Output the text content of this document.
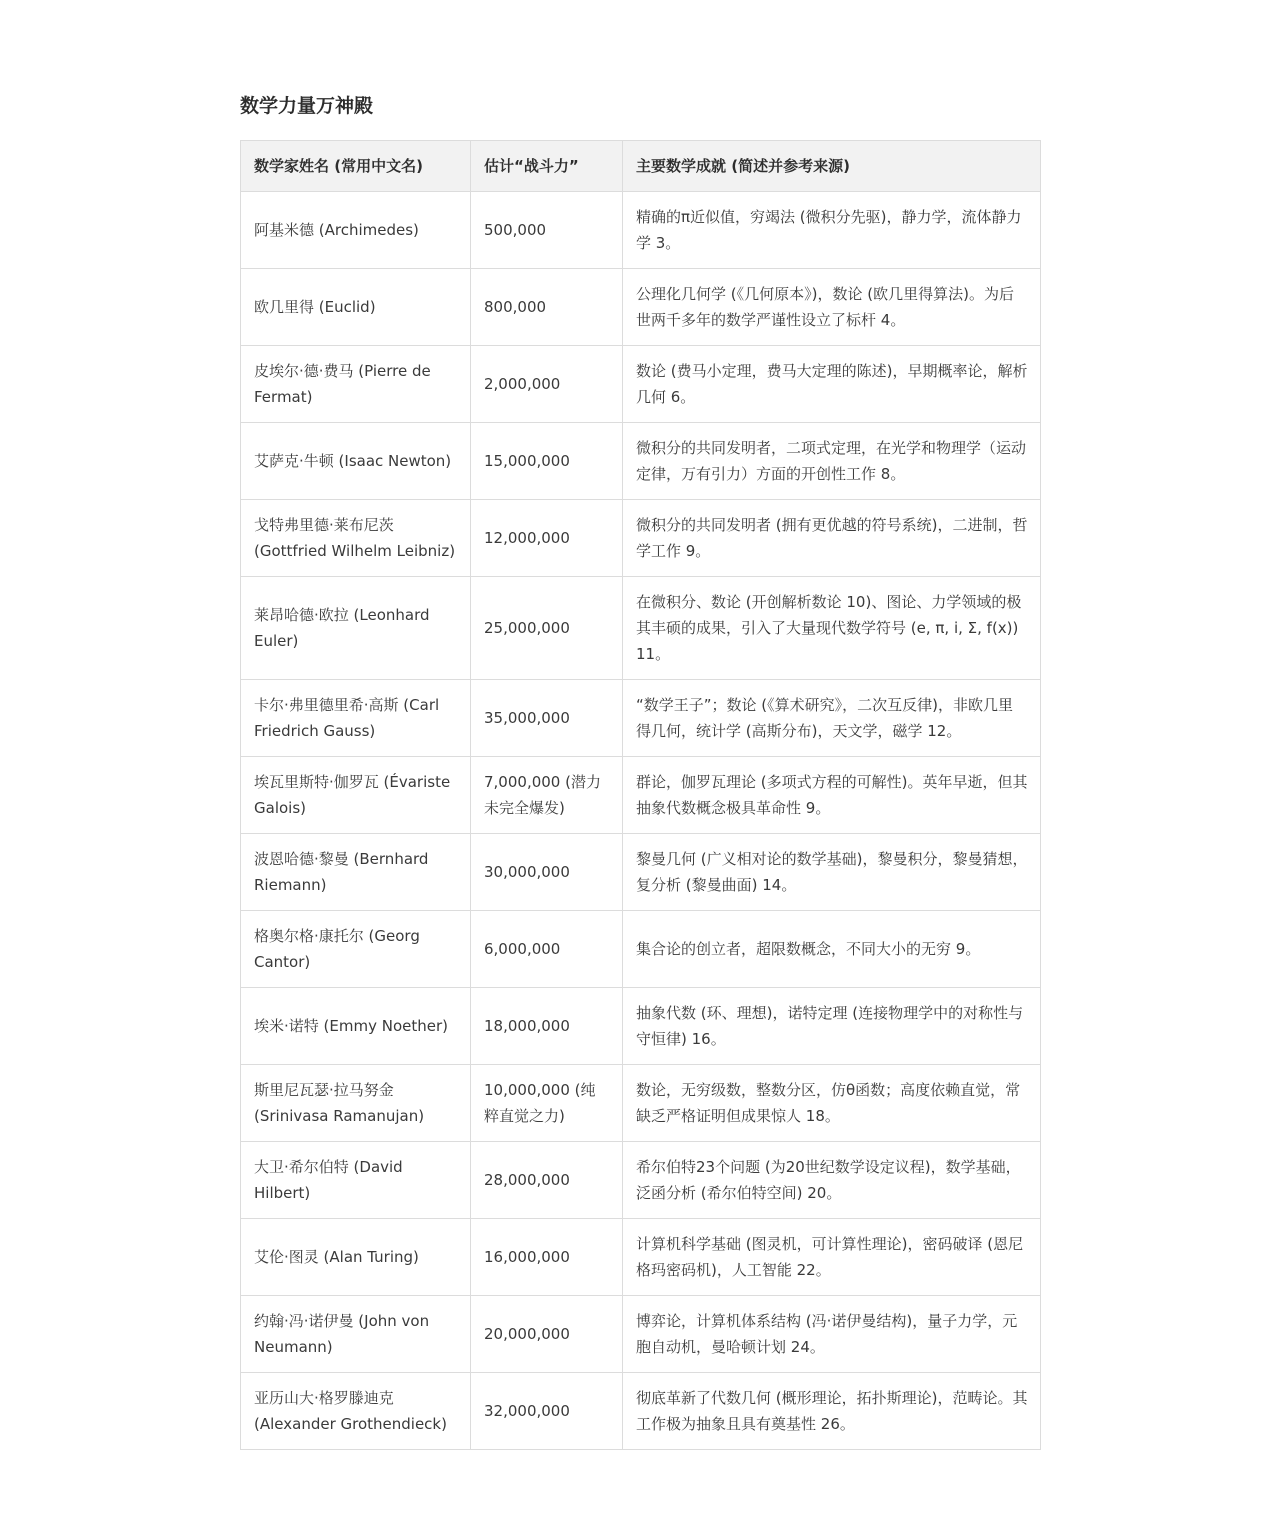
数学力量万神殿
数学家姓名 (常用中文名)	估计“战斗力”	主要数学成就 (简述并参考来源)
阿基米德 (Archimedes)	500,000	精确的π近似值，穷竭法 (微积分先驱)，静力学，流体静力学 3。
欧几里得 (Euclid)	800,000	公理化几何学 (《几何原本》)，数论 (欧几里得算法)。为后世两千多年的数学严谨性设立了标杆 4。
皮埃尔·德·费马 (Pierre de Fermat)	2,000,000	数论 (费马小定理，费马大定理的陈述)，早期概率论，解析几何 6。
艾萨克·牛顿 (Isaac Newton)	15,000,000	微积分的共同发明者，二项式定理，在光学和物理学（运动定律，万有引力）方面的开创性工作 8。
戈特弗里德·莱布尼茨 (Gottfried Wilhelm Leibniz)	12,000,000	微积分的共同发明者 (拥有更优越的符号系统)，二进制，哲学工作 9。
莱昂哈德·欧拉 (Leonhard Euler)	25,000,000	在微积分、数论 (开创解析数论 10)、图论、力学领域的极其丰硕的成果，引入了大量现代数学符号 (e, π, i, Σ, f(x)) 11。
卡尔·弗里德里希·高斯 (Carl Friedrich Gauss)	35,000,000	“数学王子”；数论 (《算术研究》，二次互反律)，非欧几里得几何，统计学 (高斯分布)，天文学，磁学 12。
埃瓦里斯特·伽罗瓦 (Évariste Galois)	7,000,000 (潜力未完全爆发)	群论，伽罗瓦理论 (多项式方程的可解性)。英年早逝，但其抽象代数概念极具革命性 9。
波恩哈德·黎曼 (Bernhard Riemann)	30,000,000	黎曼几何 (广义相对论的数学基础)，黎曼积分，黎曼猜想，复分析 (黎曼曲面) 14。
格奥尔格·康托尔 (Georg Cantor)	6,000,000	集合论的创立者，超限数概念，不同大小的无穷 9。
埃米·诺特 (Emmy Noether)	18,000,000	抽象代数 (环、理想)，诺特定理 (连接物理学中的对称性与守恒律) 16。
斯里尼瓦瑟·拉马努金 (Srinivasa Ramanujan)	10,000,000 (纯粹直觉之力)	数论，无穷级数，整数分区，仿θ函数；高度依赖直觉，常缺乏严格证明但成果惊人 18。
大卫·希尔伯特 (David Hilbert)	28,000,000	希尔伯特23个问题 (为20世纪数学设定议程)，数学基础，泛函分析 (希尔伯特空间) 20。
艾伦·图灵 (Alan Turing)	16,000,000	计算机科学基础 (图灵机，可计算性理论)，密码破译 (恩尼格玛密码机)，人工智能 22。
约翰·冯·诺伊曼 (John von Neumann)	20,000,000	博弈论，计算机体系结构 (冯·诺伊曼结构)，量子力学，元胞自动机，曼哈顿计划 24。
亚历山大·格罗滕迪克 (Alexander Grothendieck)	32,000,000	彻底革新了代数几何 (概形理论，拓扑斯理论)，范畴论。其工作极为抽象且具有奠基性 26。
